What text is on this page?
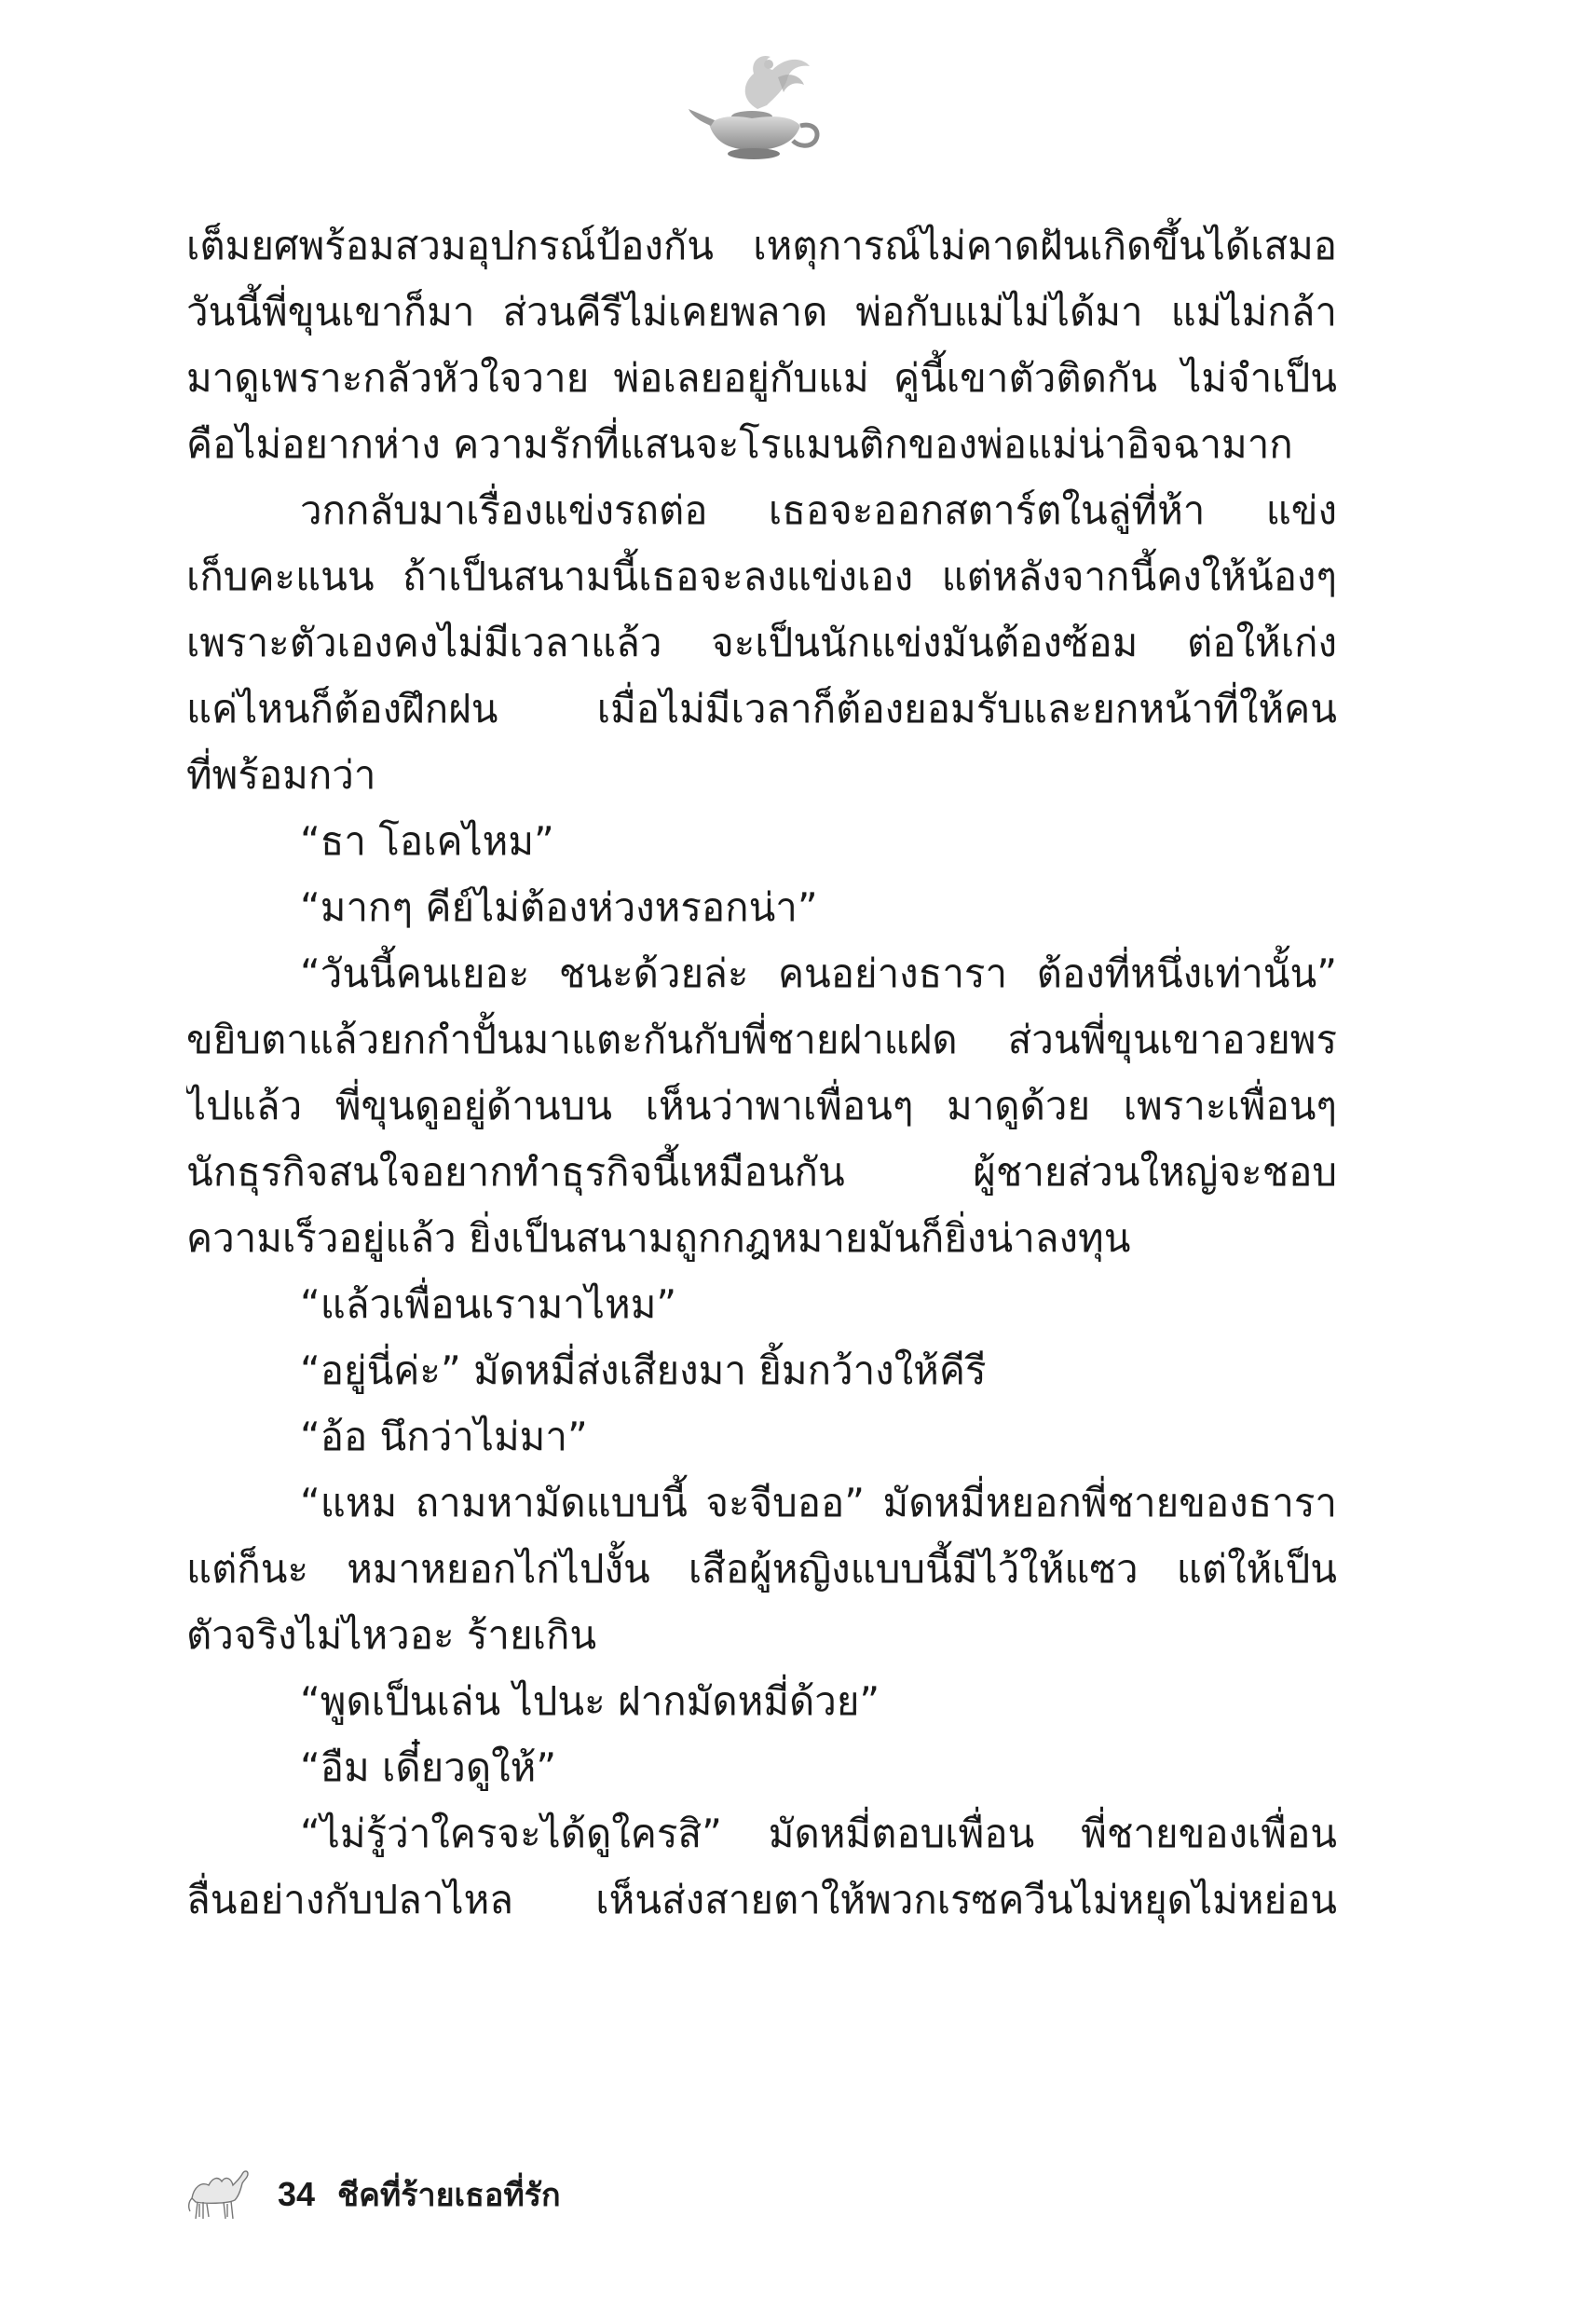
เต็มยศพร้อมสวมอุปกรณ์ป้องกัน เหตุการณ์ไม่คาดฝันเกิดขึ้นได้เสมอ
วันนี้พี่ขุนเขาก็มา ส่วนคีรีไม่เคยพลาด พ่อกับแม่ไม่ได้มา แม่ไม่กล้า
มาดูเพราะกลัวหัวใจวาย พ่อเลยอยู่กับแม่ คู่นี้เขาตัวติดกัน ไม่จำเป็น
คือไม่อยากห่าง ความรักที่แสนจะโรแมนติกของพ่อแม่น่าอิจฉามาก
วกกลับมาเรื่องแข่งรถต่อ เธอจะออกสตาร์ตในลู่ที่ห้า แข่ง
เก็บคะแนน ถ้าเป็นสนามนี้เธอจะลงแข่งเอง แต่หลังจากนี้คงให้น้องๆ
เพราะตัวเองคงไม่มีเวลาแล้ว จะเป็นนักแข่งมันต้องซ้อม ต่อให้เก่ง
แค่ไหนก็ต้องฝึกฝน เมื่อไม่มีเวลาก็ต้องยอมรับและยกหน้าที่ให้คน
ที่พร้อมกว่า
“ธา โอเคไหม”
“มากๆ คีย์ไม่ต้องห่วงหรอกน่า”
“วันนี้คนเยอะ ชนะด้วยล่ะ คนอย่างธารา ต้องที่หนึ่งเท่านั้น”
ขยิบตาแล้วยกกำปั้นมาแตะกันกับพี่ชายฝาแฝด ส่วนพี่ขุนเขาอวยพร
ไปแล้ว พี่ขุนดูอยู่ด้านบน เห็นว่าพาเพื่อนๆ มาดูด้วย เพราะเพื่อนๆ
นักธุรกิจสนใจอยากทำธุรกิจนี้เหมือนกัน ผู้ชายส่วนใหญ่จะชอบ
ความเร็วอยู่แล้ว ยิ่งเป็นสนามถูกกฎหมายมันก็ยิ่งน่าลงทุน
“แล้วเพื่อนเรามาไหม”
“อยู่นี่ค่ะ” มัดหมี่ส่งเสียงมา ยิ้มกว้างให้คีรี
“อ้อ นึกว่าไม่มา”
“แหม ถามหามัดแบบนี้ จะจีบออ” มัดหมี่หยอกพี่ชายของธารา
แต่ก็นะ หมาหยอกไก่ไปงั้น เสือผู้หญิงแบบนี้มีไว้ให้แซว แต่ให้เป็น
ตัวจริงไม่ไหวอะ ร้ายเกิน
“พูดเป็นเล่น ไปนะ ฝากมัดหมี่ด้วย”
“อืม เดี๋ยวดูให้”
“ไม่รู้ว่าใครจะได้ดูใครสิ” มัดหมี่ตอบเพื่อน พี่ชายของเพื่อน
ลื่นอย่างกับปลาไหล เห็นส่งสายตาให้พวกเรซควีนไม่หยุดไม่หย่อน
34 ชีคที่ร้ายเธอที่รัก
